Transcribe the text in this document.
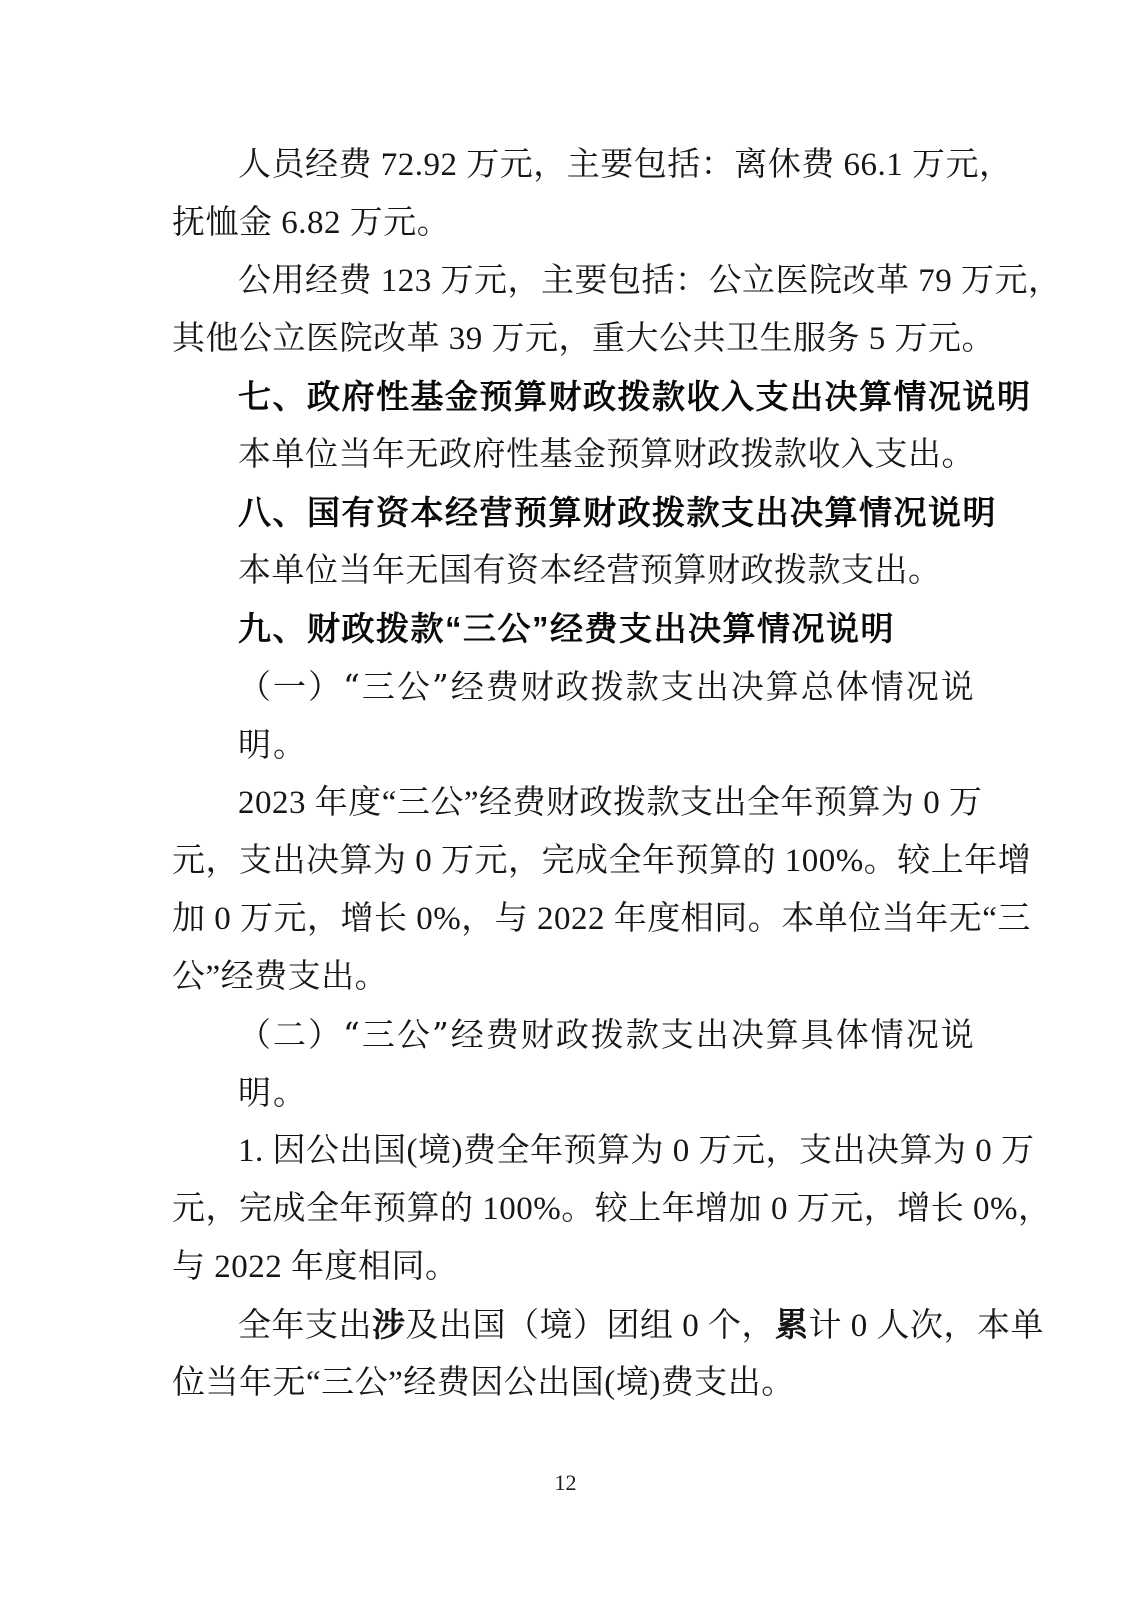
人员经费 72.92 万元，主要包括：离休费 66.1 万元，
抚恤金 6.82 万元。
公用经费 123 万元，主要包括：公立医院改革 79 万元，
其他公立医院改革 39 万元，重大公共卫生服务 5 万元。
七、政府性基金预算财政拨款收入支出决算情况说明
本单位当年无政府性基金预算财政拨款收入支出。
八、国有资本经营预算财政拨款支出决算情况说明
本单位当年无国有资本经营预算财政拨款支出。
九、财政拨款“三公”经费支出决算情况说明
（一）“三公”经费财政拨款支出决算总体情况说
明。
2023 年度“三公”经费财政拨款支出全年预算为 0 万
元，支出决算为 0 万元，完成全年预算的 100%。较上年增
加 0 万元，增长 0%，与 2022 年度相同。本单位当年无“三
公”经费支出。
（二）“三公”经费财政拨款支出决算具体情况说
明。
1. 因公出国(境)费全年预算为 0 万元，支出决算为 0 万
元，完成全年预算的 100%。较上年增加 0 万元，增长 0%，
与 2022 年度相同。
全年支出涉及出国（境）团组 0 个，累计 0 人次，本单
位当年无“三公”经费因公出国(境)费支出。
12
